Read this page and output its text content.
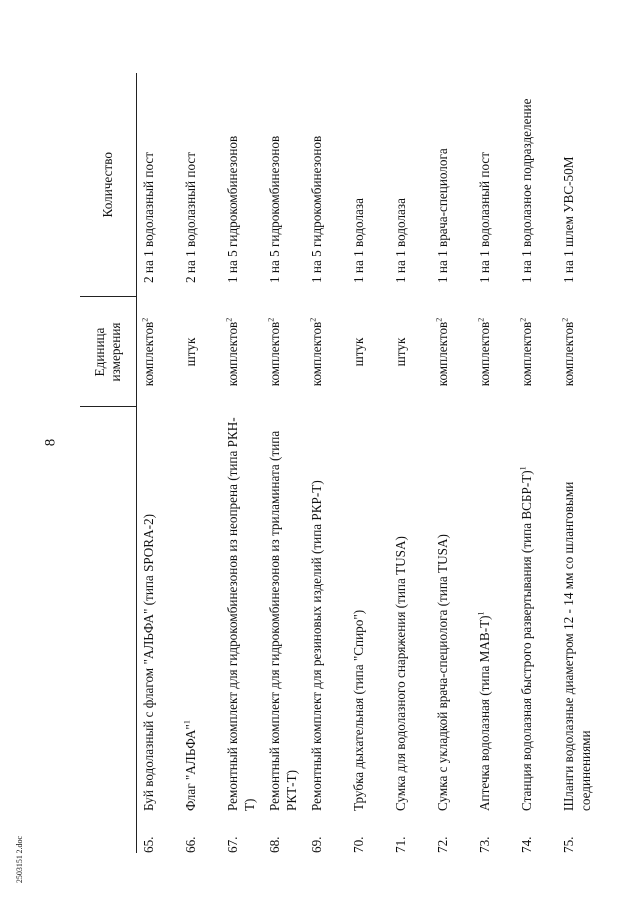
8
2503151 2.doc
		Единица измерения	Количество
65.	Буй водолазный с флагом "АЛЬФА" (типа SPORA-2)	комплектов$^2$	2 на 1 водолазный пост
66.	Флаг "АЛЬФА"$^1$	штук	2 на 1 водолазный пост
67.	Ремонтный комплект для гидрокомбинезонов из неопрена (типа РКН-Т)	комплектов$^2$	1 на 5 гидрокомбинезонов
68.	Ремонтный комплект для гидрокомбинезонов из триламината (типа РКТ-Т)	комплектов$^2$	1 на 5 гидрокомбинезонов
69.	Ремонтный комплект для резиновых изделий (типа РКР-Т)	комплектов$^2$	1 на 5 гидрокомбинезонов
70.	Трубка дыхательная (типа "Спиро")	штук	1 на 1 водолаза
71.	Сумка для водолазного снаряжения (типа TUSA)	штук	1 на 1 водолаза
72.	Сумка с укладкой врача-специолога (типа TUSA)	комплектов$^2$	1 на 1 врача-специолога
73.	Аптечка водолазная (типа МАВ-Т)$^1$	комплектов$^2$	1 на 1 водолазный пост
74.	Станция водолазная быстрого развертывания (типа ВСБР-Т)$^1$	комплектов$^2$	1 на 1 водолазное подразделение
75.	Шланги водолазные диаметром 12 - 14 мм со шланговыми соединениями	комплектов$^2$	1 на 1 шлем УВС-50М
